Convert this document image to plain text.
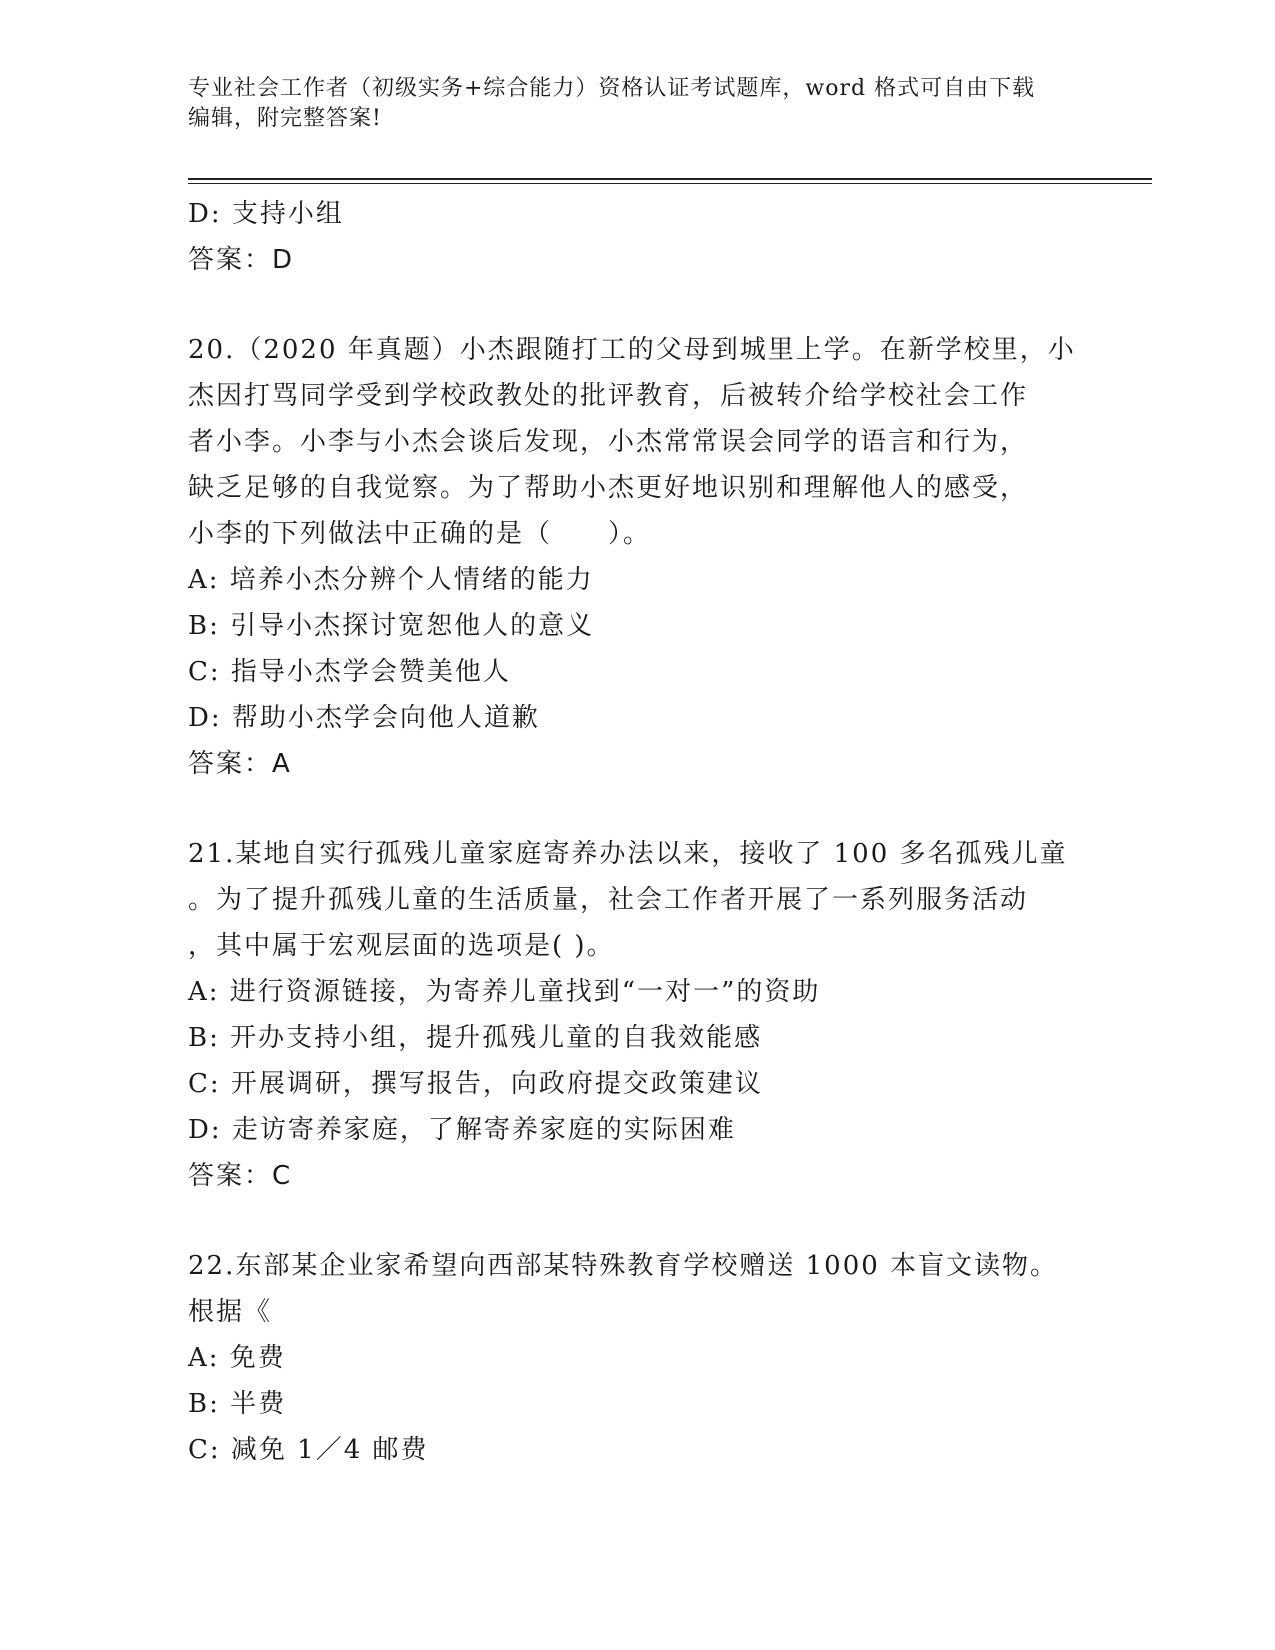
专业社会工作者（初级实务+综合能力）资格认证考试题库，word 格式可自由下载
编辑，附完整答案!
D: 支持小组
答案：D
20.（2020 年真题）小杰跟随打工的父母到城里上学。在新学校里，小
杰因打骂同学受到学校政教处的批评教育，后被转介给学校社会工作
者小李。小李与小杰会谈后发现，小杰常常误会同学的语言和行为，
缺乏足够的自我觉察。为了帮助小杰更好地识别和理解他人的感受，
小李的下列做法中正确的是（　　）。
A: 培养小杰分辨个人情绪的能力
B: 引导小杰探讨宽恕他人的意义
C: 指导小杰学会赞美他人
D: 帮助小杰学会向他人道歉
答案：A
21.某地自实行孤残儿童家庭寄养办法以来，接收了 100 多名孤残儿童
。为了提升孤残儿童的生活质量，社会工作者开展了一系列服务活动
，其中属于宏观层面的选项是( )。
A: 进行资源链接，为寄养儿童找到“一对一”的资助
B: 开办支持小组，提升孤残儿童的自我效能感
C: 开展调研，撰写报告，向政府提交政策建议
D: 走访寄养家庭，了解寄养家庭的实际困难
答案：C
22.东部某企业家希望向西部某特殊教育学校赠送 1000 本盲文读物。
根据《
A: 免费
B: 半费
C: 减免 1／4 邮费
